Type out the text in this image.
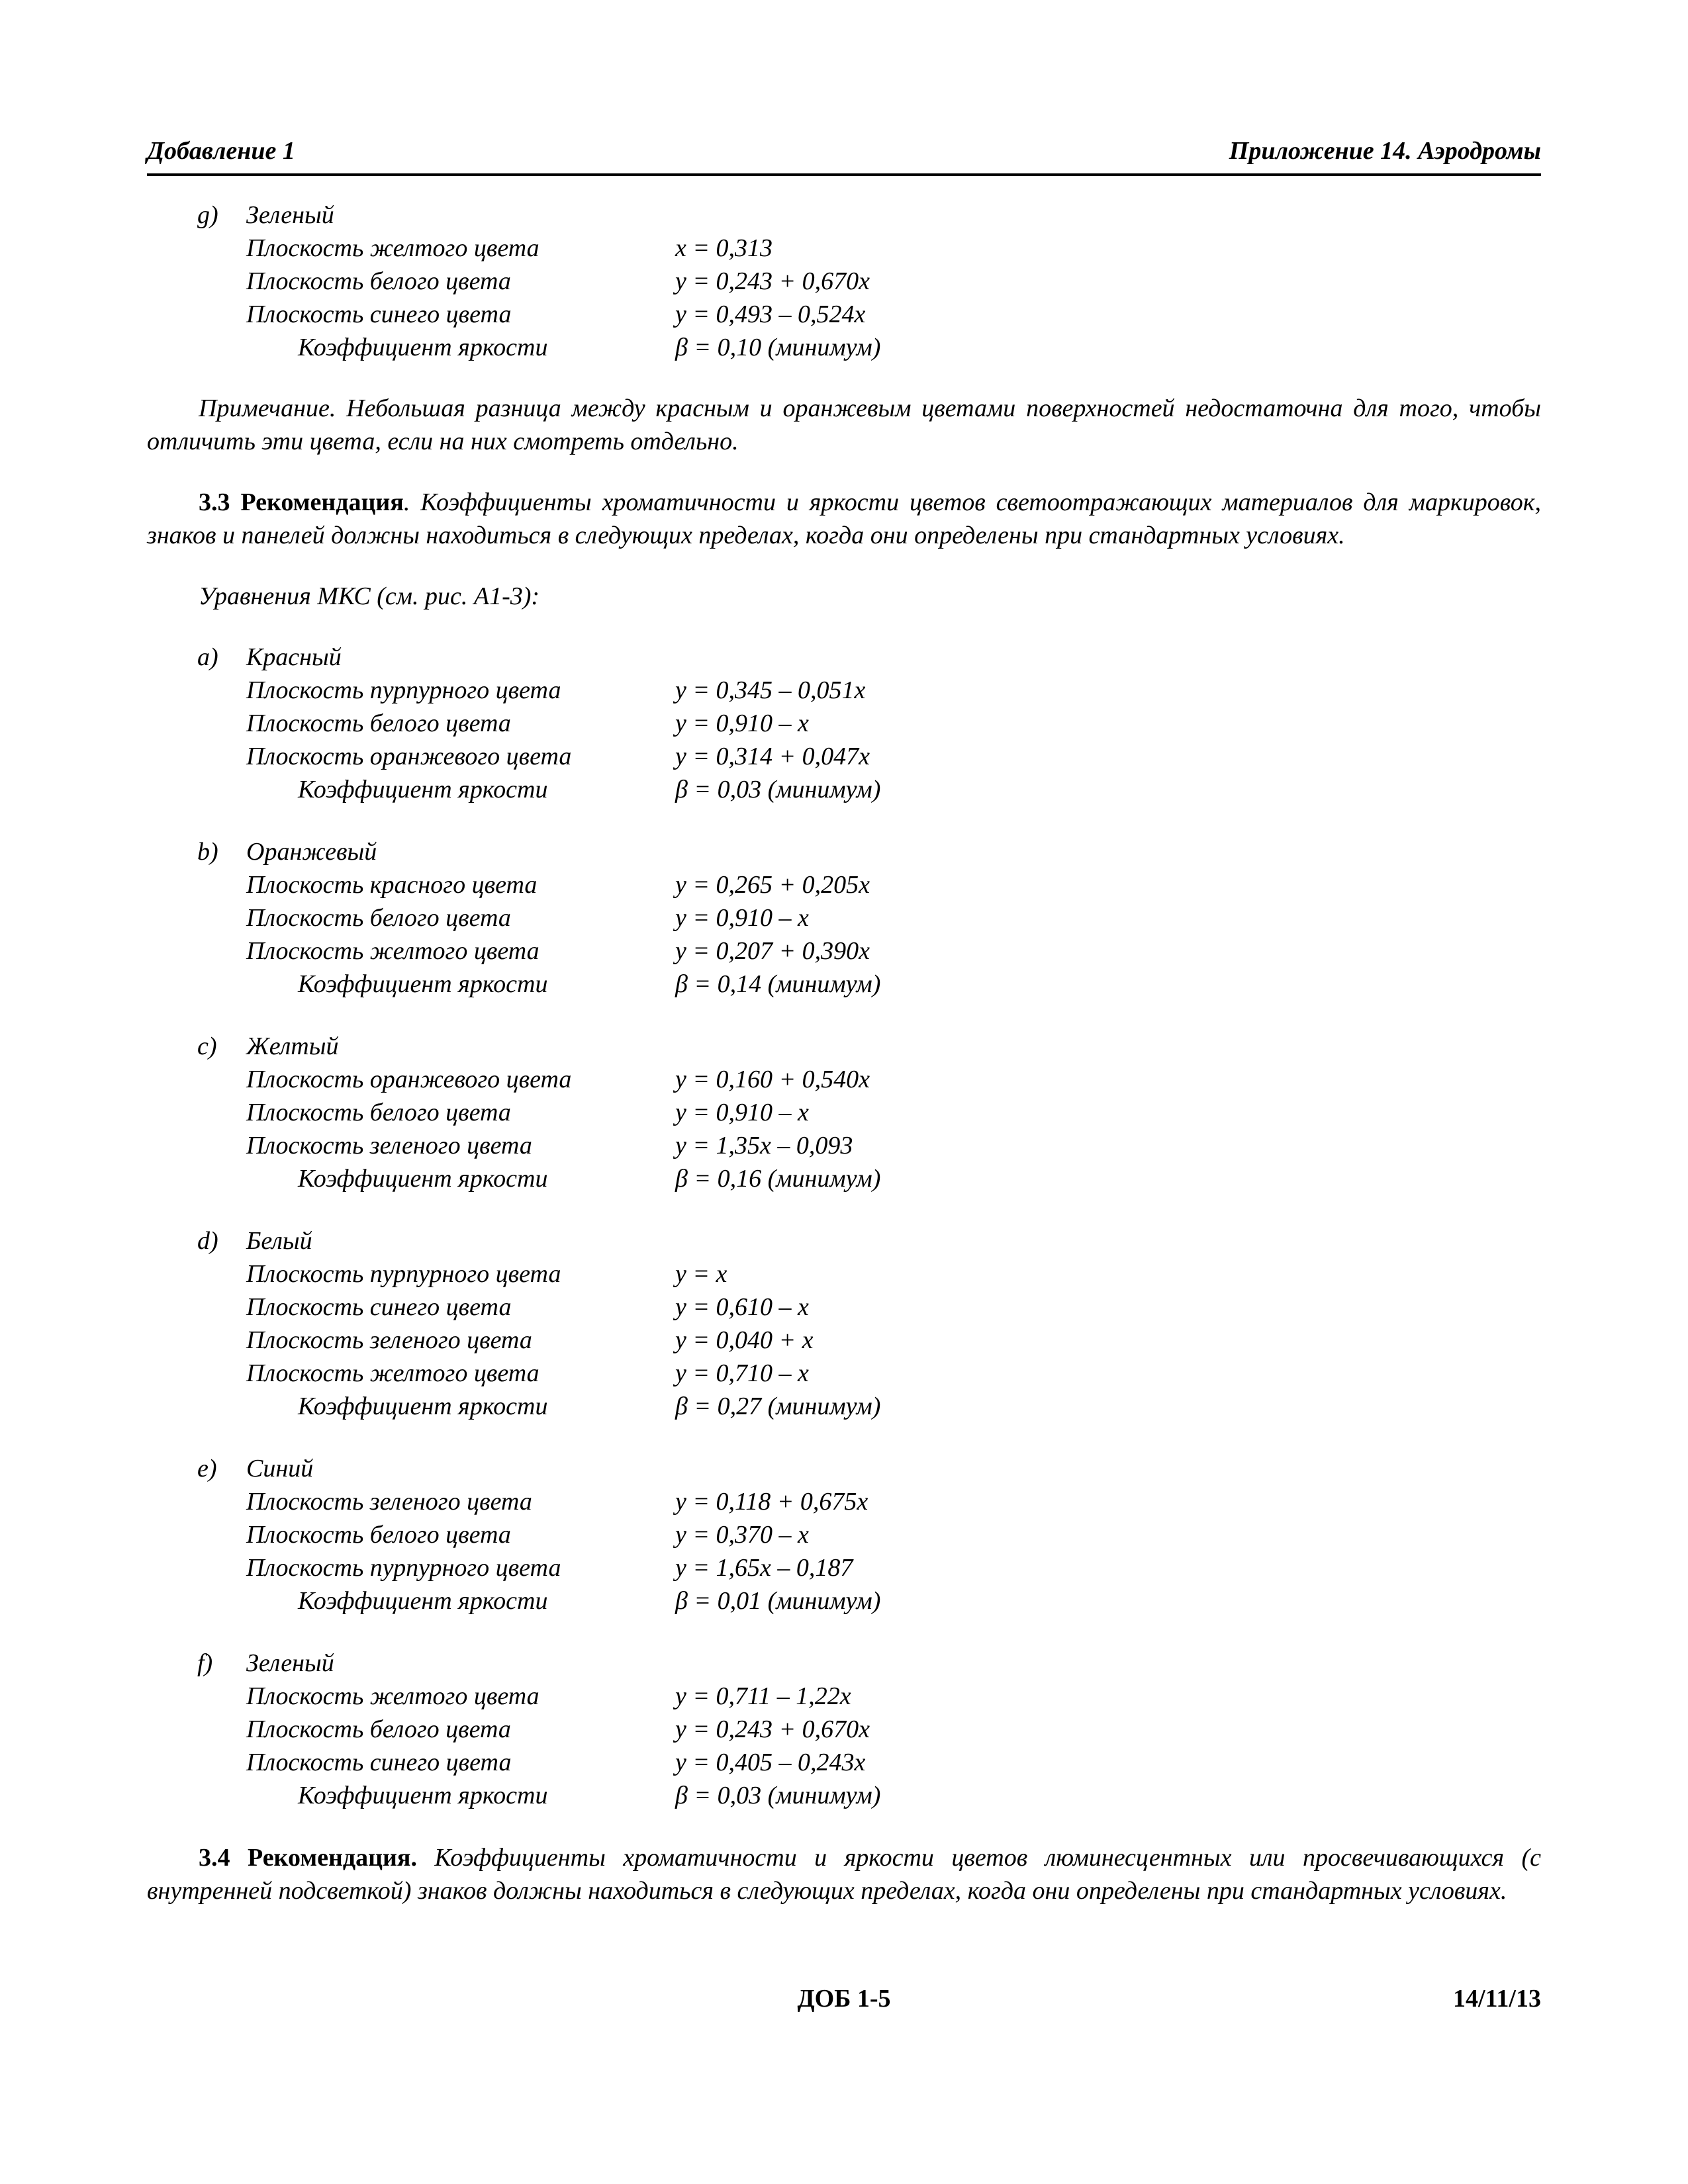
Добавление 1	Приложение 14. Аэродромы
g) Зеленый
Плоскость желтого цвета	x = 0,313
Плоскость белого цвета	y = 0,243 + 0,670x
Плоскость синего цвета	y = 0,493 – 0,524x
Коэффициент яркости	β = 0,10 (минимум)

Примечание. Небольшая разница между красным и оранжевым цветами поверхностей недостаточна для того, чтобы отличить эти цвета, если на них смотреть отдельно.

3.3 Рекомендация. Коэффициенты хроматичности и яркости цветов светоотражающих материалов для маркировок, знаков и панелей должны находиться в следующих пределах, когда они определены при стандартных условиях.

Уравнения МКС (см. рис. А1-3):

a) Красный
Плоскость пурпурного цвета	y = 0,345 – 0,051x
Плоскость белого цвета	y = 0,910 – x
Плоскость оранжевого цвета	y = 0,314 + 0,047x
Коэффициент яркости	β = 0,03 (минимум)
b) Оранжевый
Плоскость красного цвета	y = 0,265 + 0,205x
Плоскость белого цвета	y = 0,910 – x
Плоскость желтого цвета	y = 0,207 + 0,390x
Коэффициент яркости	β = 0,14 (минимум)
c) Желтый
Плоскость оранжевого цвета	y = 0,160 + 0,540x
Плоскость белого цвета	y = 0,910 – x
Плоскость зеленого цвета	y = 1,35x – 0,093
Коэффициент яркости	β = 0,16 (минимум)
d) Белый
Плоскость пурпурного цвета	y = x
Плоскость синего цвета	y = 0,610 – x
Плоскость зеленого цвета	y = 0,040 + x
Плоскость желтого цвета	y = 0,710 – x
Коэффициент яркости	β = 0,27 (минимум)
e) Синий
Плоскость зеленого цвета	y = 0,118 + 0,675x
Плоскость белого цвета	y = 0,370 – x
Плоскость пурпурного цвета	y = 1,65x – 0,187
Коэффициент яркости	β = 0,01 (минимум)
f) Зеленый
Плоскость желтого цвета	y = 0,711 – 1,22x
Плоскость белого цвета	y = 0,243 + 0,670x
Плоскость синего цвета	y = 0,405 – 0,243x
Коэффициент яркости	β = 0,03 (минимум)

3.4 Рекомендация. Коэффициенты хроматичности и яркости цветов люминесцентных или просвечивающихся (с внутренней подсветкой) знаков должны находиться в следующих пределах, когда они определены при стандартных условиях.

ДОБ 1-5	14/11/13
